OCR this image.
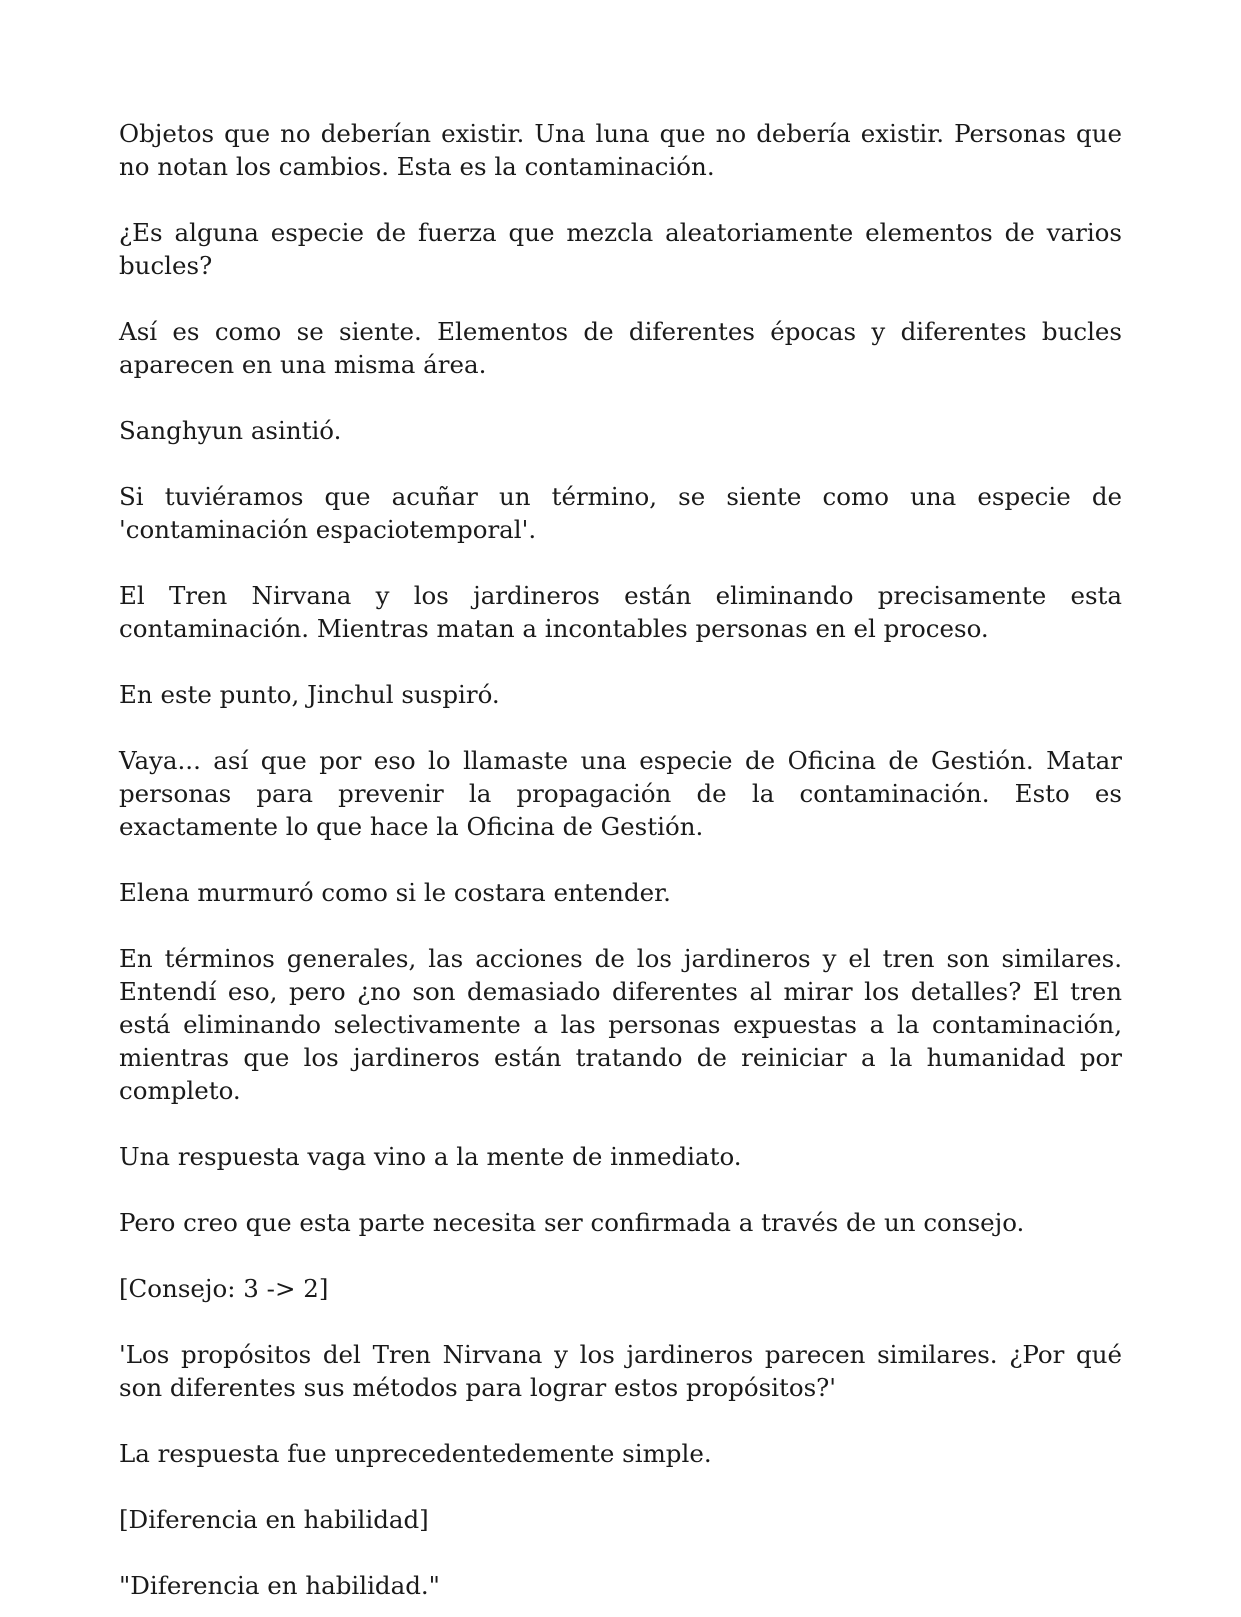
Objetos que no deberían existir. Una luna que no debería existir. Personas que no notan los cambios. Esta es la contaminación.

¿Es alguna especie de fuerza que mezcla aleatoriamente elementos de varios bucles?

Así es como se siente. Elementos de diferentes épocas y diferentes bucles aparecen en una misma área.

Sanghyun asintió.

Si tuviéramos que acuñar un término, se siente como una especie de 'contaminación espaciotemporal'.

El Tren Nirvana y los jardineros están eliminando precisamente esta contaminación. Mientras matan a incontables personas en el proceso.

En este punto, Jinchul suspiró.

Vaya... así que por eso lo llamaste una especie de Oficina de Gestión. Matar personas para prevenir la propagación de la contaminación. Esto es exactamente lo que hace la Oficina de Gestión.

Elena murmuró como si le costara entender.

En términos generales, las acciones de los jardineros y el tren son similares. Entendí eso, pero ¿no son demasiado diferentes al mirar los detalles? El tren está eliminando selectivamente a las personas expuestas a la contaminación, mientras que los jardineros están tratando de reiniciar a la humanidad por completo.

Una respuesta vaga vino a la mente de inmediato.

Pero creo que esta parte necesita ser confirmada a través de un consejo.

[Consejo: 3 -> 2]

'Los propósitos del Tren Nirvana y los jardineros parecen similares. ¿Por qué son diferentes sus métodos para lograr estos propósitos?'

La respuesta fue unprecedentedemente simple.

[Diferencia en habilidad]

"Diferencia en habilidad."
